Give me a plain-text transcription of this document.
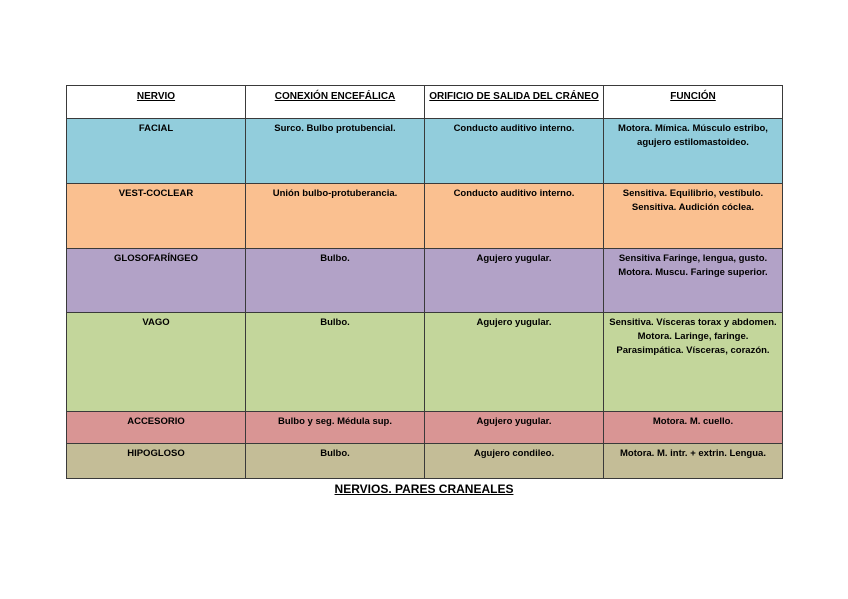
NERVIO	CONEXIÓN ENCEFÁLICA	ORIFICIO DE SALIDA DEL CRÁNEO	FUNCIÓN
FACIAL	Surco. Bulbo protubencial.	Conducto auditivo interno.	Motora. Mímica. Músculo estribo, agujero estilomastoideo.
VEST-COCLEAR	Unión bulbo-protuberancia.	Conducto auditivo interno.	Sensitiva. Equilibrio, vestíbulo. Sensitiva. Audición cóclea.
GLOSOFARÍNGEO	Bulbo.	Agujero yugular.	Sensitiva Faringe, lengua, gusto. Motora. Muscu. Faringe superior.
VAGO	Bulbo.	Agujero yugular.	Sensitiva. Vísceras torax y abdomen. Motora. Laringe, faringe. Parasimpática. Vísceras, corazón.
ACCESORIO	Bulbo y seg. Médula sup.	Agujero yugular.	Motora. M. cuello.
HIPOGLOSO	Bulbo.	Agujero condileo.	Motora. M. intr. + extrin. Lengua.
NERVIOS. PARES CRANEALES
